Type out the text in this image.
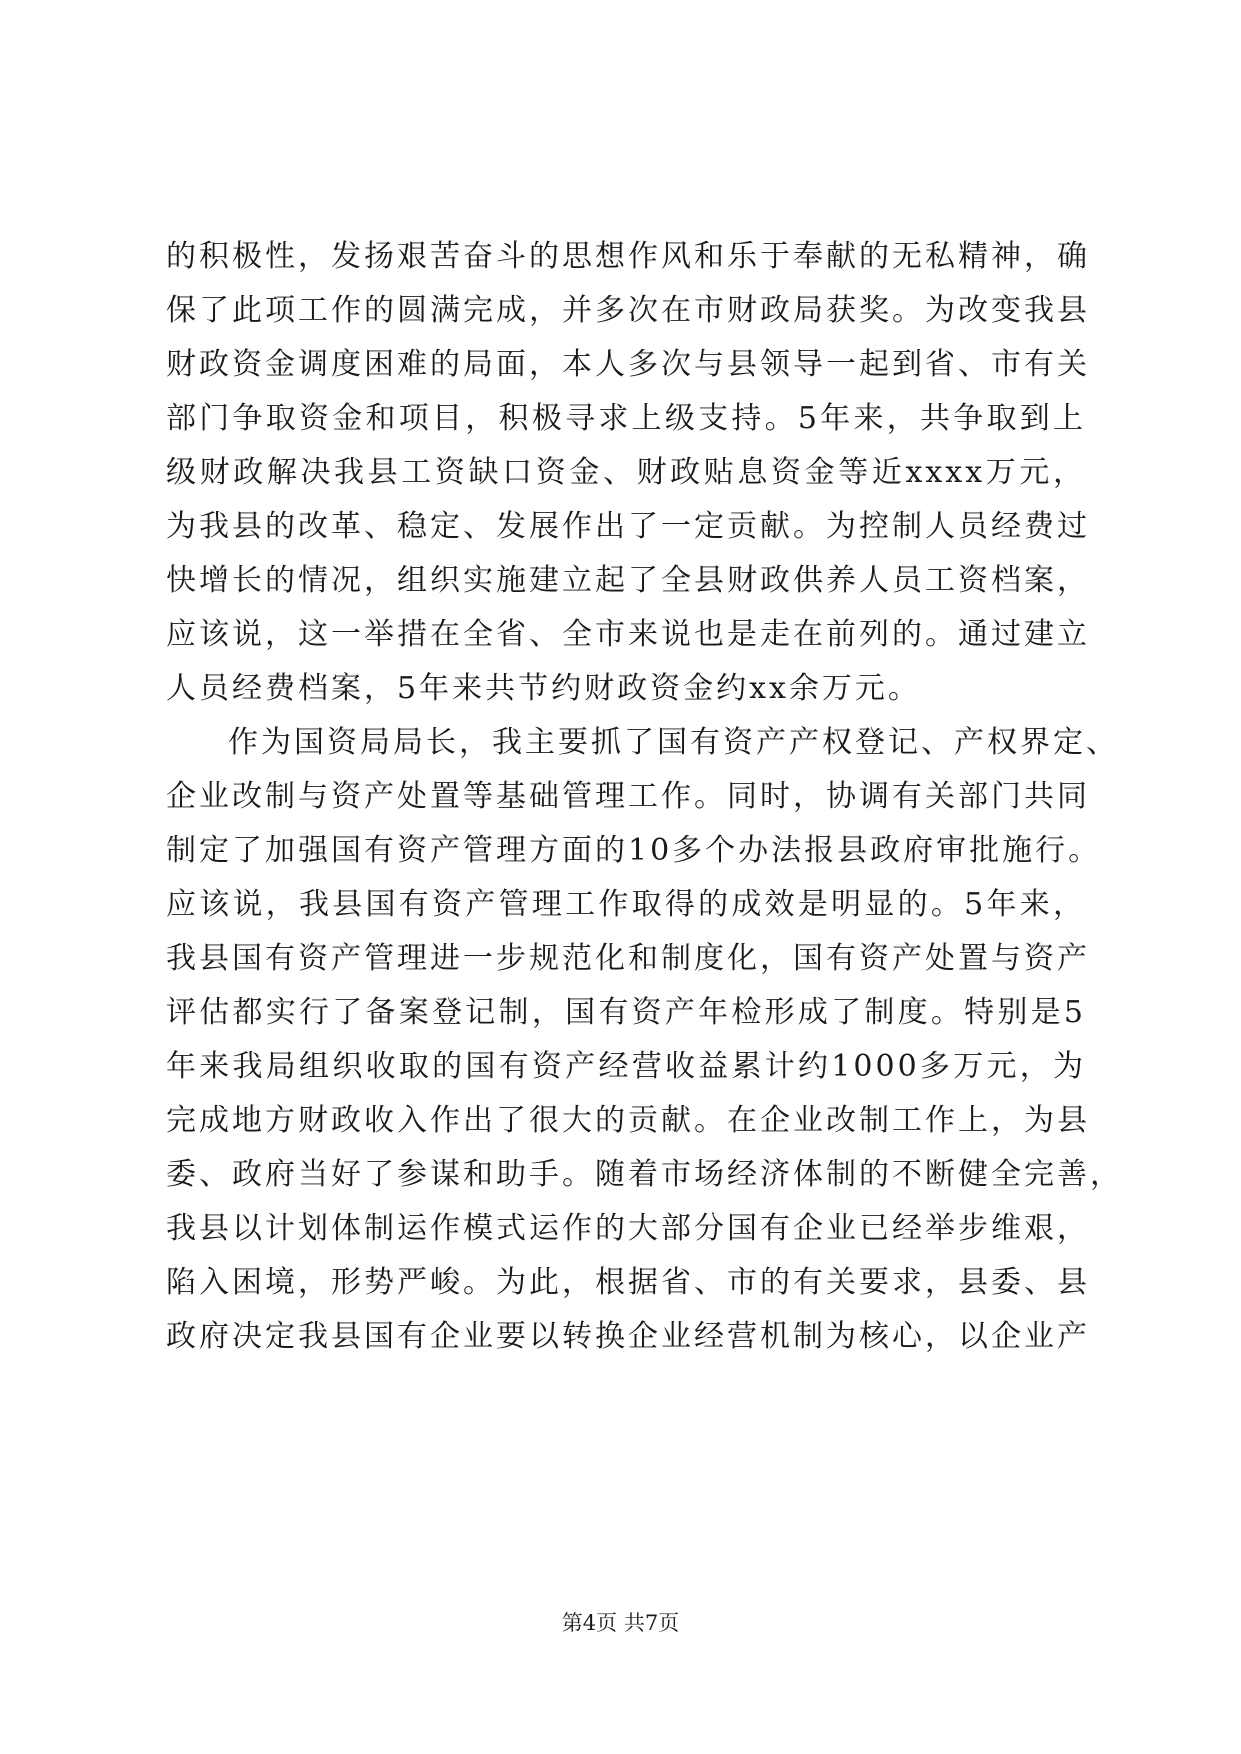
的积极性，发扬艰苦奋斗的思想作风和乐于奉献的无私精神，确
保了此项工作的圆满完成，并多次在市财政局获奖。为改变我县
财政资金调度困难的局面，本人多次与县领导一起到省、市有关
部门争取资金和项目，积极寻求上级支持。5年来，共争取到上
级财政解决我县工资缺口资金、财政贴息资金等近xxxx万元，
为我县的改革、稳定、发展作出了一定贡献。为控制人员经费过
快增长的情况，组织实施建立起了全县财政供养人员工资档案，
应该说，这一举措在全省、全市来说也是走在前列的。通过建立
人员经费档案，5年来共节约财政资金约xx余万元。
作为国资局局长，我主要抓了国有资产产权登记、产权界定、
企业改制与资产处置等基础管理工作。同时，协调有关部门共同
制定了加强国有资产管理方面的10多个办法报县政府审批施行。
应该说，我县国有资产管理工作取得的成效是明显的。5年来，
我县国有资产管理进一步规范化和制度化，国有资产处置与资产
评估都实行了备案登记制，国有资产年检形成了制度。特别是5
年来我局组织收取的国有资产经营收益累计约1000多万元，为
完成地方财政收入作出了很大的贡献。在企业改制工作上，为县
委、政府当好了参谋和助手。随着市场经济体制的不断健全完善，
我县以计划体制运作模式运作的大部分国有企业已经举步维艰，
陷入困境，形势严峻。为此，根据省、市的有关要求，县委、县
政府决定我县国有企业要以转换企业经营机制为核心，以企业产
第4页 共7页
